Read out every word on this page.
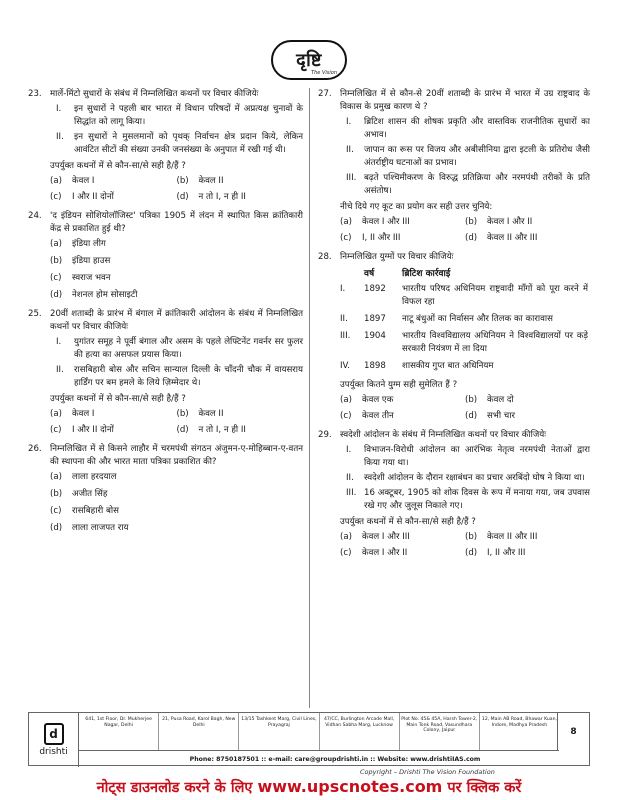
दृष्टि
The Vision
23. मार्ले-मिंटो सुधारों के संबंध में निम्नलिखित कथनों पर विचार कीजियेः
I.	इन सुधारों ने पहली बार भारत में विधान परिषदों में अप्रत्यक्ष चुनावों के सिद्धांत को लागू किया।
II.	इन सुधारों ने मुसलमानों को पृथक् निर्वाचन क्षेत्र प्रदान किये, लेकिन आवंटित सीटों की संख्या उनकी जनसंख्या के अनुपात में रखी गई थी।
उपर्युक्त कथनों में से कौन-सा/से सही है/हैं ?
(a)	केवल I	(b)	केवल II
(c)	I और II दोनों	(d)	न तो I, न ही II
24. 'द इंडियन सोशियोलॉजिस्ट' पत्रिका 1905 में लंदन में स्थापित किस क्रांतिकारी केंद्र से प्रकाशित हुई थी?
(a)	इंडिया लीग
(b)	इंडिया हाउस
(c)	स्वराज भवन
(d)	नेशनल होम सोसाइटी
25. 20वीं शताब्दी के प्रारंभ में बंगाल में क्रांतिकारी आंदोलन के संबंध में निम्नलिखित कथनों पर विचार कीजियेः
I.	युगांतर समूह ने पूर्वी बंगाल और असम के पहले लेफ्टिनेंट गवर्नर सर फुलर की हत्या का असफल प्रयास किया।
II.	रासबिहारी बोस और सचिन सान्याल दिल्ली के चाँदनी चौक में वायसराय हार्डिंग पर बम हमले के लिये ज़िम्मेदार थे।
उपर्युक्त कथनों में से कौन-सा/से सही है/हैं ?
(a)	केवल I	(b)	केवल II
(c)	I और II दोनों	(d)	न तो I, न ही II
26. निम्नलिखित में से किसने लाहौर में चरमपंथी संगठन अंजुमन-ए-मोहिब्बान-ए-वतन की स्थापना की और भारत माता पत्रिका प्रकाशित की?
(a)	लाला हरदयाल
(b)	अजीत सिंह
(c)	रासबिहारी बोस
(d)	लाला लाजपत राय
27. निम्नलिखित में से कौन-से 20वीं शताब्दी के प्रारंभ में भारत में उग्र राष्ट्रवाद के विकास के प्रमुख कारण थे ?
I.	ब्रिटिश शासन की शोषक प्रकृति और वास्तविक राजनीतिक सुधारों का अभाव।
II.	जापान का रूस पर विजय और अबीसीनिया द्वारा इटली के प्रतिरोध जैसी अंतर्राष्ट्रीय घटनाओं का प्रभाव।
III. बढ़ते पश्चिमीकरण के विरुद्ध प्रतिक्रिया और नरमपंथी तरीकों के प्रति असंतोष।
नीचे दिये गए कूट का प्रयोग कर सही उत्तर चुनिये:
(a)	केवल I और III	(b)	केवल I और II
(c)	I, II और III	(d)	केवल II और III
28. निम्नलिखित युग्मों पर विचार कीजियेः
	वर्ष	ब्रिटिश कार्रवाई
I.	1892	भारतीय परिषद अधिनियम राष्ट्रवादी माँगों को पूरा करने में विफल रहा
II.	1897	नाटू बंधुओं का निर्वासन और तिलक का कारावास
III.	1904	भारतीय विश्वविद्यालय अधिनियम ने विश्वविद्यालयों पर कड़े सरकारी नियंत्रण में ला दिया
IV.	1898	शासकीय गुप्त बात अधिनियम
उपर्युक्त कितने युग्म सही सुमेलित हैं ?
(a)	केवल एक	(b)	केवल दो
(c)	केवल तीन	(d)	सभी चार
29. स्वदेशी आंदोलन के संबंध में निम्नलिखित कथनों पर विचार कीजियेः
I.	विभाजन-विरोधी आंदोलन का आरंभिक नेतृत्व नरमपंथी नेताओं द्वारा किया गया था।
II.	स्वदेशी आंदोलन के दौरान रक्षाबंधन का प्रचार अरबिंदो घोष ने किया था।
III. 16 अक्टूबर, 1905 को शोक दिवस के रूप में मनाया गया, जब उपवास रखे गए और जुलूस निकाले गए।
उपर्युक्त कथनों में से कौन-सा/से सही है/हैं ?
(a)	केवल I और III	(b)	केवल II और III
(c)	केवल I और II	(d)	I, II और III
d
drishti
641, 1st Floor, Dr. Mukherjee Nagar, Delhi
21, Pusa Road, Karol Bagh, New Delhi
13/15 Tashkent Marg, Civil Lines, Prayagraj
47/CC, Burlington Arcade Mall, Vidhan Sabha Marg, Lucknow
Plot No. 45& 45A, Harsh Tower-2, Main Tonk Road, Vasundhara Colony, Jaipur
12, Main AB Road, Bhawar Kuan, Indore, Madhya Pradesh
8
Phone: 8750187501 :: e-mail: care@groupdrishti.in :: Website: www.drishtiIAS.com
Copyright – Drishti The Vision Foundation
नोट्स डाउनलोड करने के लिए www.upscnotes.com पर क्लिक करें
